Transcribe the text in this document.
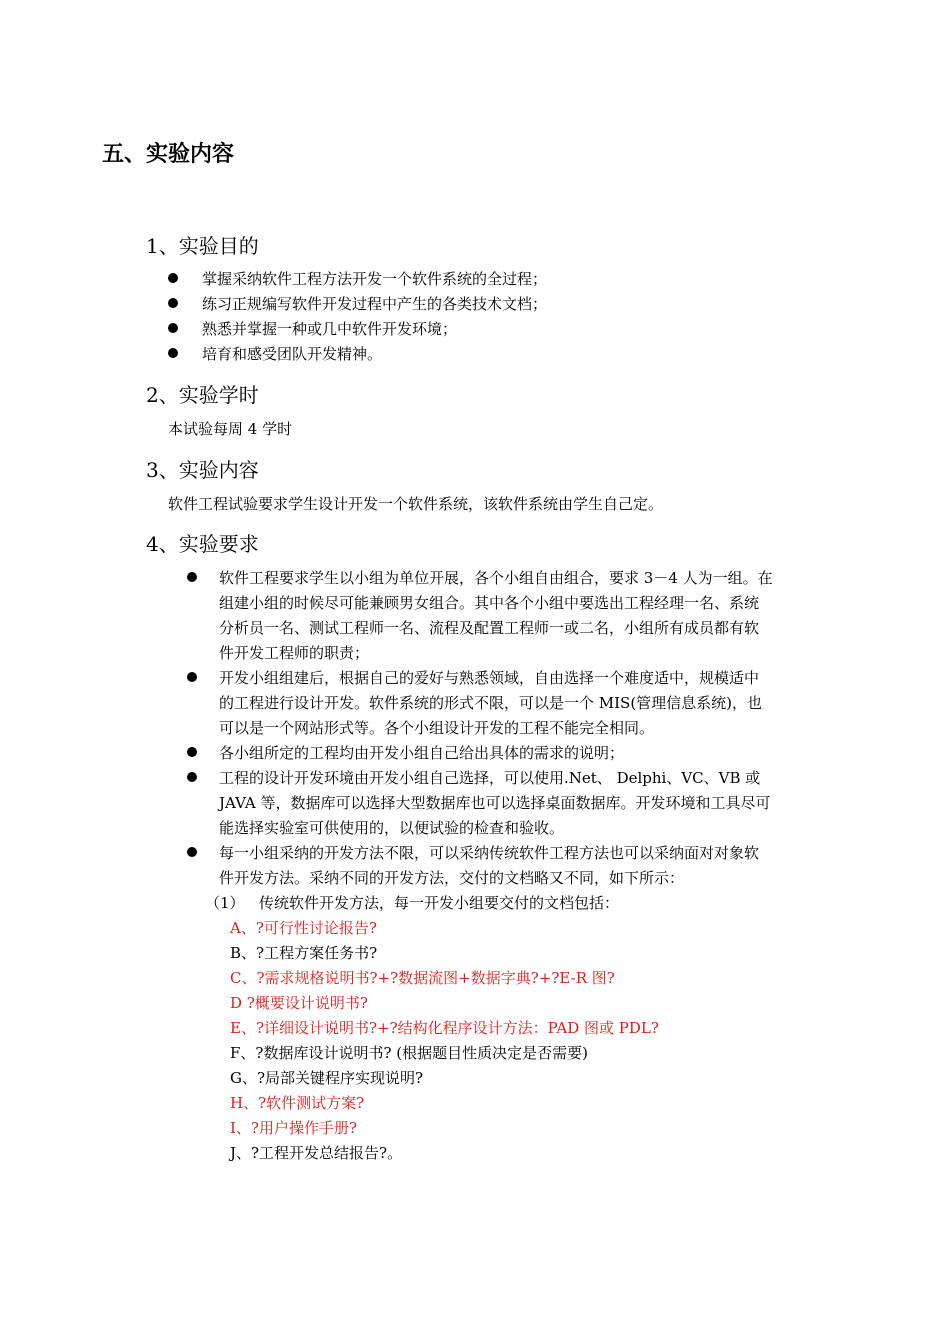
五、实验内容
1、实验目的
掌握采纳软件工程方法开发一个软件系统的全过程；
练习正规编写软件开发过程中产生的各类技术文档；
熟悉并掌握一种或几中软件开发环境；
培育和感受团队开发精神。
2、实验学时
本试验每周 4 学时
3、实验内容
软件工程试验要求学生设计开发一个软件系统，该软件系统由学生自己定。
4、实验要求
软件工程要求学生以小组为单位开展，各个小组自由组合，要求 3－4 人为一组。在
组建小组的时候尽可能兼顾男女组合。其中各个小组中要选出工程经理一名、系统
分析员一名、测试工程师一名、流程及配置工程师一或二名，小组所有成员都有软
件开发工程师的职责；
开发小组组建后，根据自己的爱好与熟悉领域，自由选择一个难度适中，规模适中
的工程进行设计开发。软件系统的形式不限，可以是一个 MIS(管理信息系统)，也
可以是一个网站形式等。各个小组设计开发的工程不能完全相同。
各小组所定的工程均由开发小组自己给出具体的需求的说明；
工程的设计开发环境由开发小组自己选择，可以使用.Net、 Delphi、VC、VB 或
JAVA 等，数据库可以选择大型数据库也可以选择桌面数据库。开发环境和工具尽可
能选择实验室可供使用的，以便试验的检查和验收。
每一小组采纳的开发方法不限，可以采纳传统软件工程方法也可以采纳面对对象软
件开发方法。采纳不同的开发方法，交付的文档略又不同，如下所示：
（1） 传统软件开发方法，每一开发小组要交付的文档包括：
A、?可行性讨论报告?
B、?工程方案任务书?
C、?需求规格说明书?+?数据流图+数据字典?+?E-R 图?
D ?概要设计说明书?
E、?详细设计说明书?+?结构化程序设计方法：PAD 图或 PDL?
F、?数据库设计说明书? (根据题目性质决定是否需要)
G、?局部关键程序实现说明?
H、?软件测试方案?
I、?用户操作手册?
J、?工程开发总结报告?。
